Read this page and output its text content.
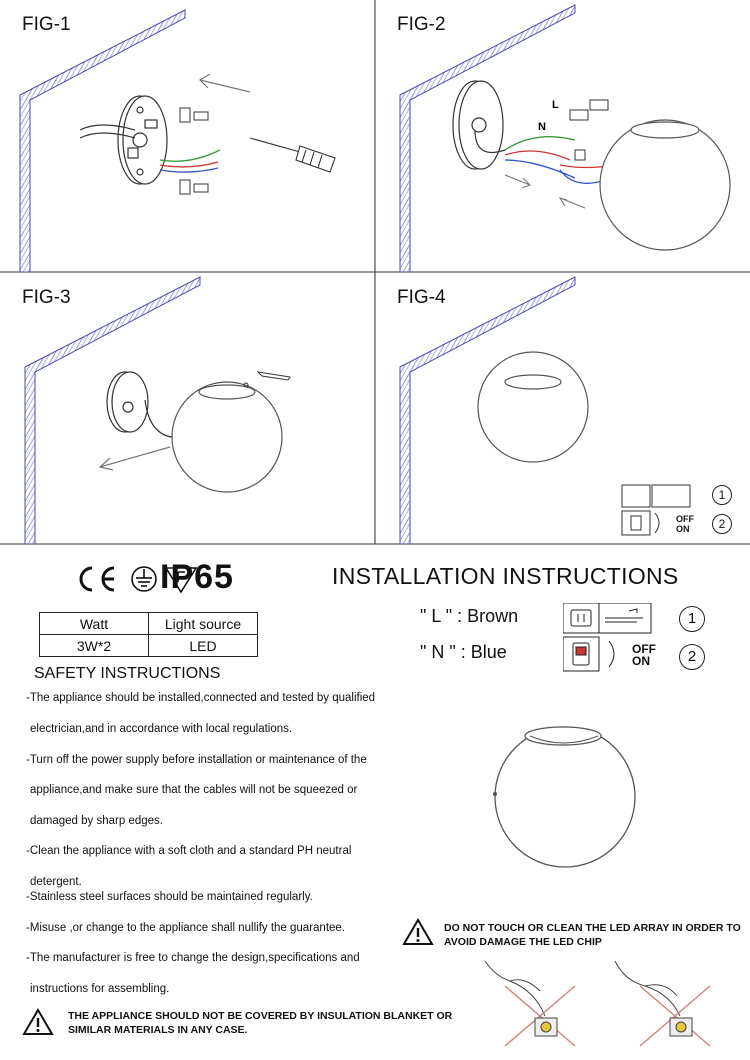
FIG-1	FIG-2
FIG-3	FIG-4
L
N
1
2
OFF
ON
IP65	INSTALLATION INSTRUCTIONS
Watt	Light source
3W*2	LED
" L " : Brown
" N " : Blue	OFF
ON
1
2
SAFETY INSTRUCTIONS
-The appliance should be installed,connected and tested by qualified
electrician,and in accordance with local regulations.
-Turn off the power supply before installation or maintenance of the
appliance,and make sure that the cables will not be squeezed or
damaged by sharp edges.
-Clean the appliance with a soft cloth and a standard PH neutral
detergent.
-Stainless steel surfaces should be maintained regularly.
-Misuse ,or change to the appliance shall nullify the guarantee.
-The manufacturer is free to change the design,specifications and
instructions for assembling.
DO NOT TOUCH OR CLEAN THE LED ARRAY IN ORDER TO
AVOID DAMAGE THE LED CHIP
THE APPLIANCE SHOULD NOT BE COVERED BY INSULATION BLANKET OR
SIMILAR MATERIALS IN ANY CASE.
